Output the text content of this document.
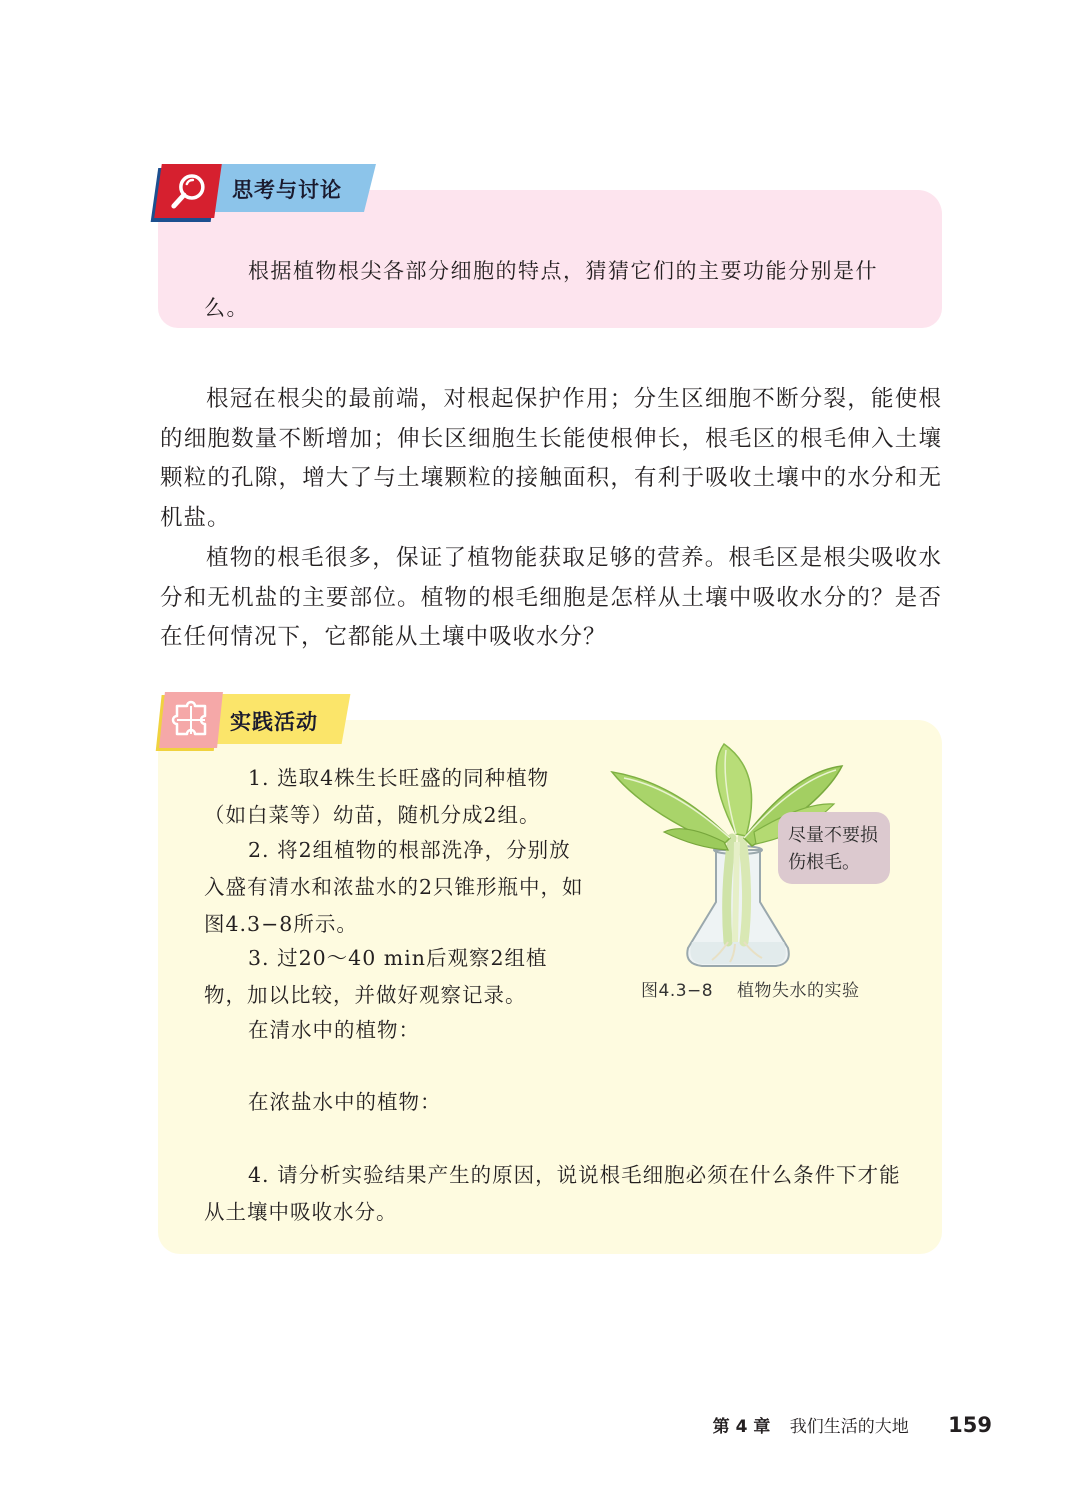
根据植物根尖各部分细胞的特点，猜猜它们的主要功能分别是什么。

思考与讨论

根冠在根尖的最前端，对根起保护作用；分生区细胞不断分裂，能使根的细胞数量不断增加；伸长区细胞生长能使根伸长，根毛区的根毛伸入土壤颗粒的孔隙，增大了与土壤颗粒的接触面积，有利于吸收土壤中的水分和无机盐。

植物的根毛很多，保证了植物能获取足够的营养。根毛区是根尖吸收水分和无机盐的主要部位。植物的根毛细胞是怎样从土壤中吸收水分的？是否在任何情况下，它都能从土壤中吸收水分？

实践活动

1. 选取4株生长旺盛的同种植物（如白菜等）幼苗，随机分成2组。

2. 将2组植物的根部洗净，分别放入盛有清水和浓盐水的2只锥形瓶中，如图4.3−8所示。

3. 过20～40 min后观察2组植物，加以比较，并做好观察记录。

在清水中的植物：

在浓盐水中的植物：

4. 请分析实验结果产生的原因，说说根毛细胞必须在什么条件下才能从土壤中吸收水分。

尽量不要损伤根毛。
图4.3−8 植物失水的实验
第 4 章 我们生活的大地 159
